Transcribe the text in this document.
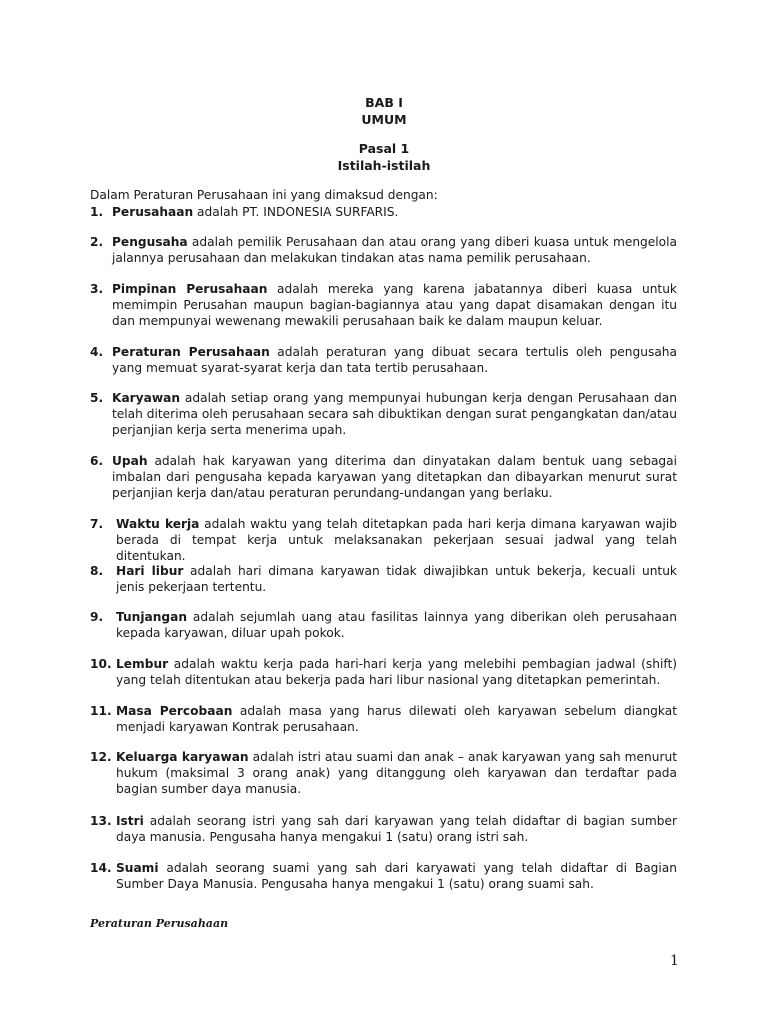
BAB I
UMUM
Pasal 1
Istilah-istilah
Dalam Peraturan Perusahaan ini yang dimaksud dengan:
1. Perusahaan adalah PT. INDONESIA SURFARIS.
2. Pengusaha adalah pemilik Perusahaan dan atau orang yang diberi kuasa untuk mengelola jalannya perusahaan dan melakukan tindakan atas nama pemilik perusahaan.
3. Pimpinan Perusahaan adalah mereka yang karena jabatannya diberi kuasa untuk memimpin Perusahan maupun bagian-bagiannya atau yang dapat disamakan dengan itu dan mempunyai wewenang mewakili perusahaan baik ke dalam maupun keluar.
4. Peraturan Perusahaan adalah peraturan yang dibuat secara tertulis oleh pengusaha yang memuat syarat-syarat kerja dan tata tertib perusahaan.
5. Karyawan adalah setiap orang yang mempunyai hubungan kerja dengan Perusahaan dan telah diterima oleh perusahaan secara sah dibuktikan dengan surat pengangkatan dan/atau perjanjian kerja serta menerima upah.
6. Upah adalah hak karyawan yang diterima dan dinyatakan dalam bentuk uang sebagai imbalan dari pengusaha kepada karyawan yang ditetapkan dan dibayarkan menurut surat perjanjian kerja dan/atau peraturan perundang-undangan yang berlaku.
7. Waktu kerja adalah waktu yang telah ditetapkan pada hari kerja dimana karyawan wajib berada di tempat kerja untuk melaksanakan pekerjaan sesuai jadwal yang telah ditentukan.
8. Hari libur adalah hari dimana karyawan tidak diwajibkan untuk bekerja, kecuali untuk jenis pekerjaan tertentu.
9. Tunjangan adalah sejumlah uang atau fasilitas lainnya yang diberikan oleh perusahaan kepada karyawan, diluar upah pokok.
10. Lembur adalah waktu kerja pada hari-hari kerja yang melebihi pembagian jadwal (shift) yang telah ditentukan atau bekerja pada hari libur nasional yang ditetapkan pemerintah.
11. Masa Percobaan adalah masa yang harus dilewati oleh karyawan sebelum diangkat menjadi karyawan Kontrak perusahaan.
12. Keluarga karyawan adalah istri atau suami dan anak – anak karyawan yang sah menurut hukum (maksimal 3 orang anak) yang ditanggung oleh karyawan dan terdaftar pada bagian sumber daya manusia.
13. Istri adalah seorang istri yang sah dari karyawan yang telah didaftar di bagian sumber daya manusia. Pengusaha hanya mengakui 1 (satu) orang istri sah.
14. Suami adalah seorang suami yang sah dari karyawati yang telah didaftar di Bagian Sumber Daya Manusia. Pengusaha hanya mengakui 1 (satu) orang suami sah.
Peraturan Perusahaan
1
